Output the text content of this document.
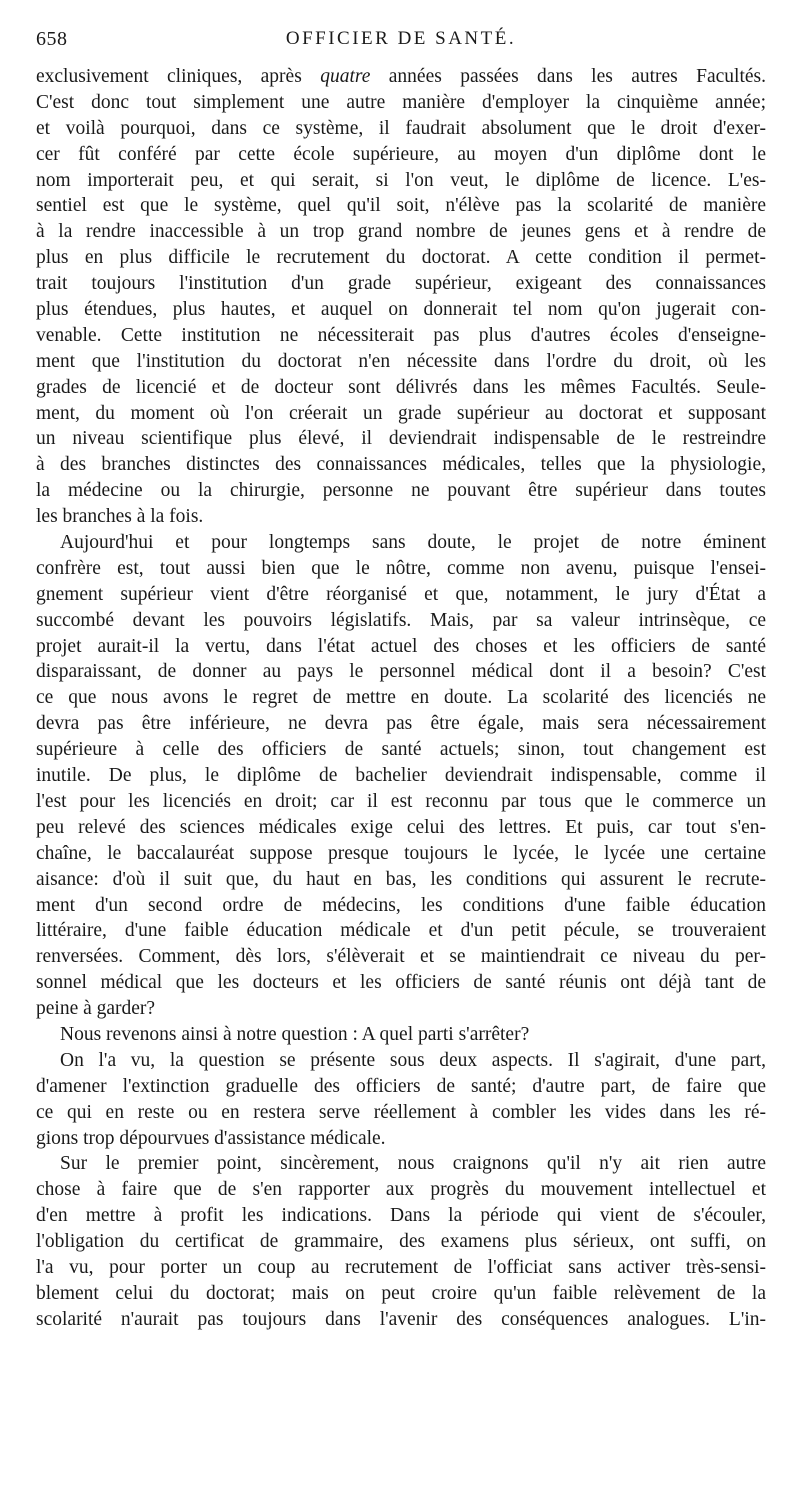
658	OFFICIER DE SANTÉ.
exclusivement cliniques, après quatre années passées dans les autres Facultés.
C'est donc tout simplement une autre manière d'employer la cinquième année;
et voilà pourquoi, dans ce système, il faudrait absolument que le droit d'exer-
cer fût conféré par cette école supérieure, au moyen d'un diplôme dont le
nom importerait peu, et qui serait, si l'on veut, le diplôme de licence. L'es-
sentiel est que le système, quel qu'il soit, n'élève pas la scolarité de manière
à la rendre inaccessible à un trop grand nombre de jeunes gens et à rendre de
plus en plus difficile le recrutement du doctorat. A cette condition il permet-
trait toujours l'institution d'un grade supérieur, exigeant des connaissances
plus étendues, plus hautes, et auquel on donnerait tel nom qu'on jugerait con-
venable. Cette institution ne nécessiterait pas plus d'autres écoles d'enseigne-
ment que l'institution du doctorat n'en nécessite dans l'ordre du droit, où les
grades de licencié et de docteur sont délivrés dans les mêmes Facultés. Seule-
ment, du moment où l'on créerait un grade supérieur au doctorat et supposant
un niveau scientifique plus élevé, il deviendrait indispensable de le restreindre
à des branches distinctes des connaissances médicales, telles que la physiologie,
la médecine ou la chirurgie, personne ne pouvant être supérieur dans toutes
les branches à la fois.
Aujourd'hui et pour longtemps sans doute, le projet de notre éminent
confrère est, tout aussi bien que le nôtre, comme non avenu, puisque l'ensei-
gnement supérieur vient d'être réorganisé et que, notamment, le jury d'État a
succombé devant les pouvoirs législatifs. Mais, par sa valeur intrinsèque, ce
projet aurait-il la vertu, dans l'état actuel des choses et les officiers de santé
disparaissant, de donner au pays le personnel médical dont il a besoin? C'est
ce que nous avons le regret de mettre en doute. La scolarité des licenciés ne
devra pas être inférieure, ne devra pas être égale, mais sera nécessairement
supérieure à celle des officiers de santé actuels; sinon, tout changement est
inutile. De plus, le diplôme de bachelier deviendrait indispensable, comme il
l'est pour les licenciés en droit; car il est reconnu par tous que le commerce un
peu relevé des sciences médicales exige celui des lettres. Et puis, car tout s'en-
chaîne, le baccalauréat suppose presque toujours le lycée, le lycée une certaine
aisance: d'où il suit que, du haut en bas, les conditions qui assurent le recrute-
ment d'un second ordre de médecins, les conditions d'une faible éducation
littéraire, d'une faible éducation médicale et d'un petit pécule, se trouveraient
renversées. Comment, dès lors, s'élèverait et se maintiendrait ce niveau du per-
sonnel médical que les docteurs et les officiers de santé réunis ont déjà tant de
peine à garder?
Nous revenons ainsi à notre question : A quel parti s'arrêter?
On l'a vu, la question se présente sous deux aspects. Il s'agirait, d'une part,
d'amener l'extinction graduelle des officiers de santé; d'autre part, de faire que
ce qui en reste ou en restera serve réellement à combler les vides dans les ré-
gions trop dépourvues d'assistance médicale.
Sur le premier point, sincèrement, nous craignons qu'il n'y ait rien autre
chose à faire que de s'en rapporter aux progrès du mouvement intellectuel et
d'en mettre à profit les indications. Dans la période qui vient de s'écouler,
l'obligation du certificat de grammaire, des examens plus sérieux, ont suffi, on
l'a vu, pour porter un coup au recrutement de l'officiat sans activer très-sensi-
blement celui du doctorat; mais on peut croire qu'un faible relèvement de la
scolarité n'aurait pas toujours dans l'avenir des conséquences analogues. L'in-
